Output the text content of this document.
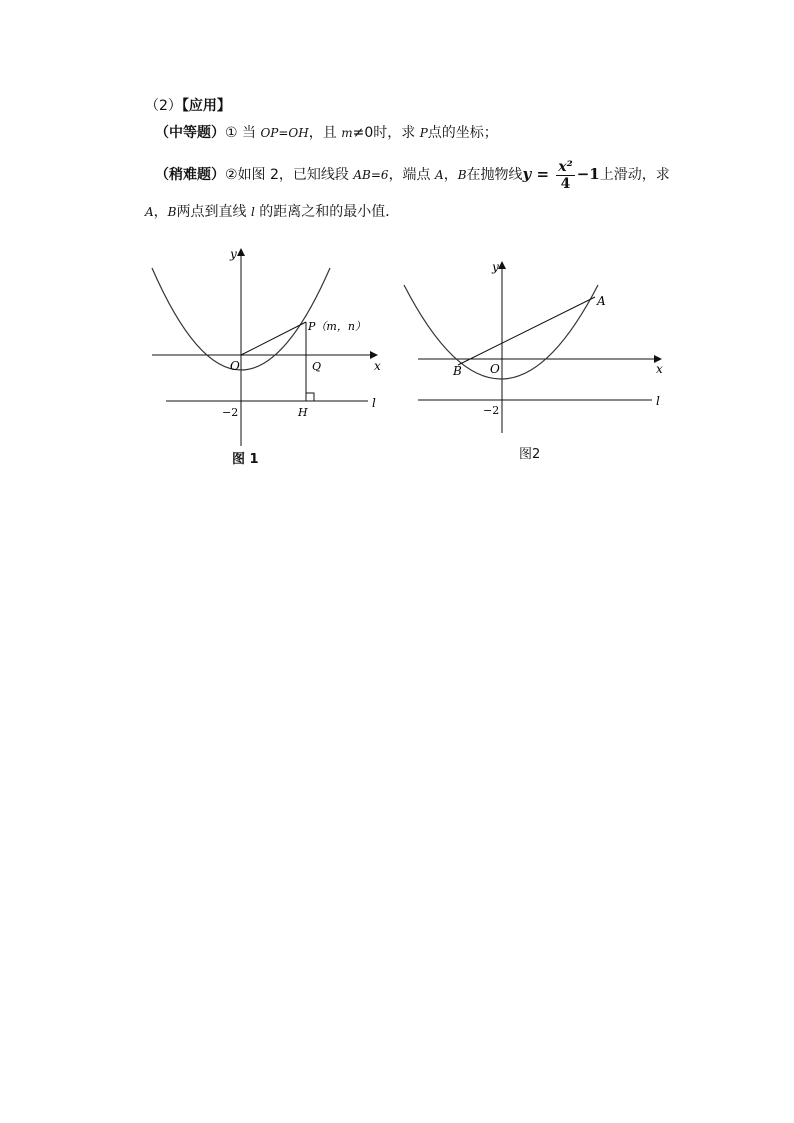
（2）【应用】
（中等题）① 当 OP=OH，且 m≠0时，求 P点的坐标；
（稍难题）②如图 2，已知线段 AB=6，端点 A，B在抛物线$y = \frac{\text{x²}}{4} -1$上滑动，求
A，B两点到直线 l 的距离之和的最小值．
y
x
O
P（m，n）
Q
H
l
−2
图 1
y
x
O
A
B
l
−2
图2
